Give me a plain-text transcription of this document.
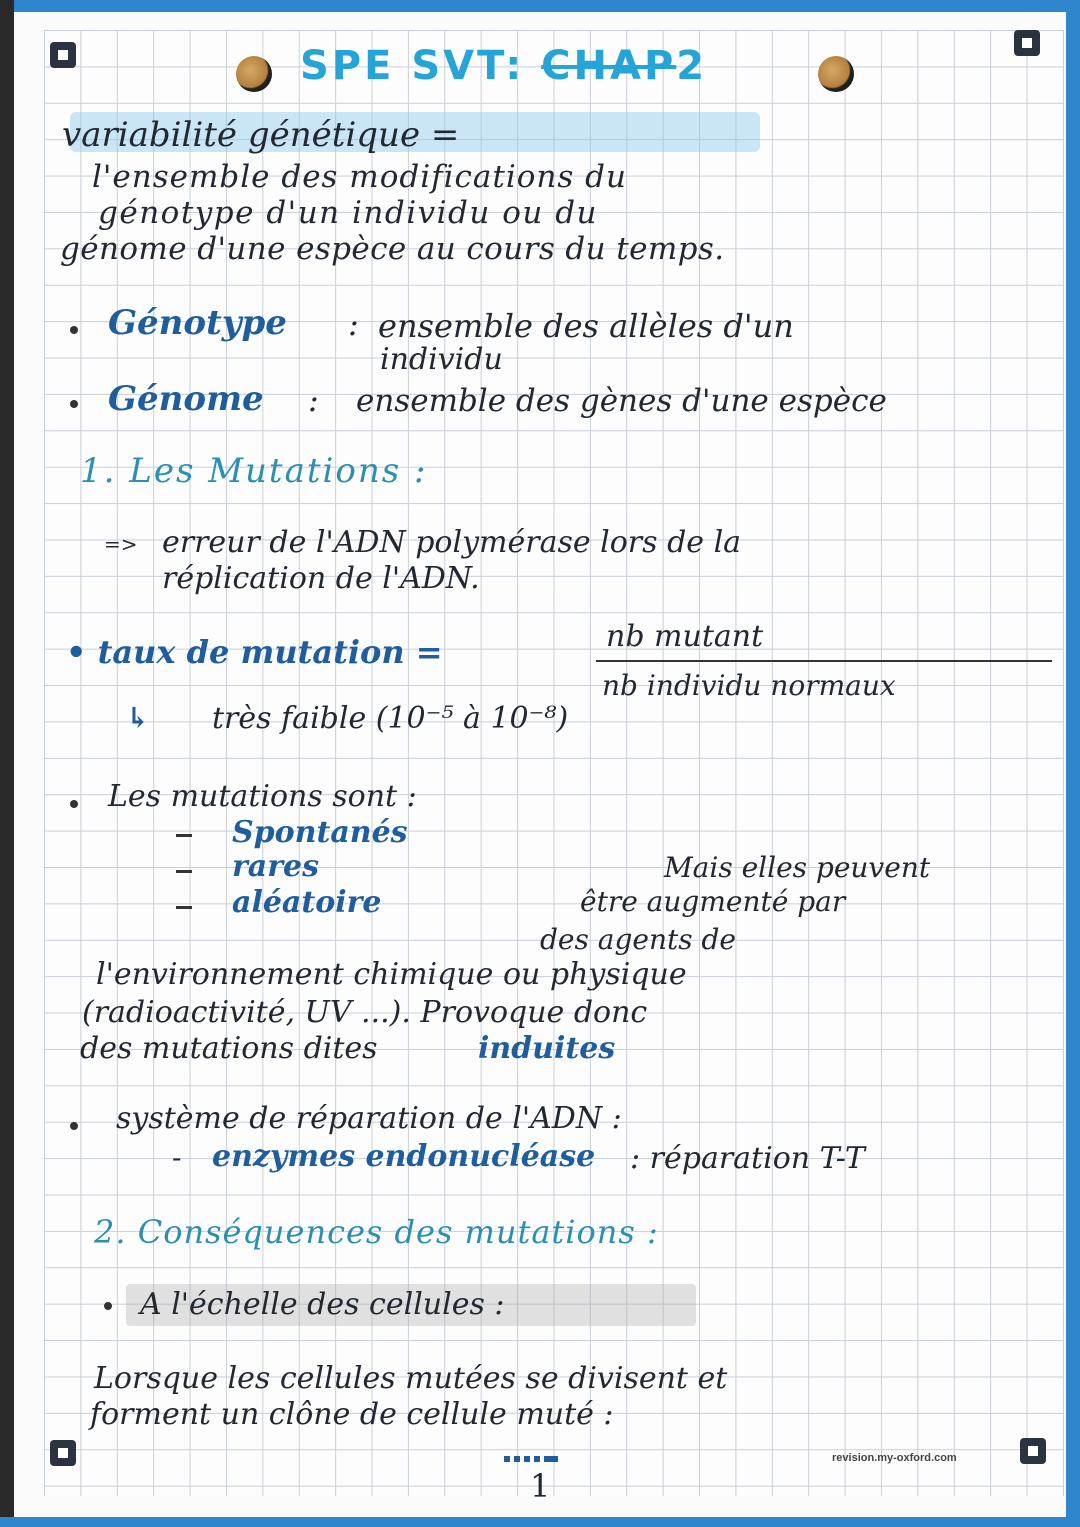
SPE SVT: CHAP2
variabilité génétique =
l'ensemble des modifications du
génotype d'un individu ou du
génome d'une espèce au cours du temps.
Génotype : ensemble des allèles d'un
individu
Génome : ensemble des gènes d'une espèce
1. Les Mutations :
=> erreur de l'ADN polymérase lors de la
réplication de l'ADN.
• taux de mutation =	nb mutant
nb individu normaux
↳ très faible (10⁻⁵ à 10⁻⁸)
Les mutations sont :
Spontanés
rares
aléatoire
Mais elles peuvent
être augmenté par
des agents de
l'environnement chimique ou physique
(radioactivité, UV ...). Provoque donc
des mutations dites	induites
système de réparation de l'ADN :
- enzymes endonucléase : réparation T-T
2. Conséquences des mutations :
A l'échelle des cellules :
Lorsque les cellules mutées se divisent et
forment un clône de cellule muté :
1
revision.my-oxford.com
